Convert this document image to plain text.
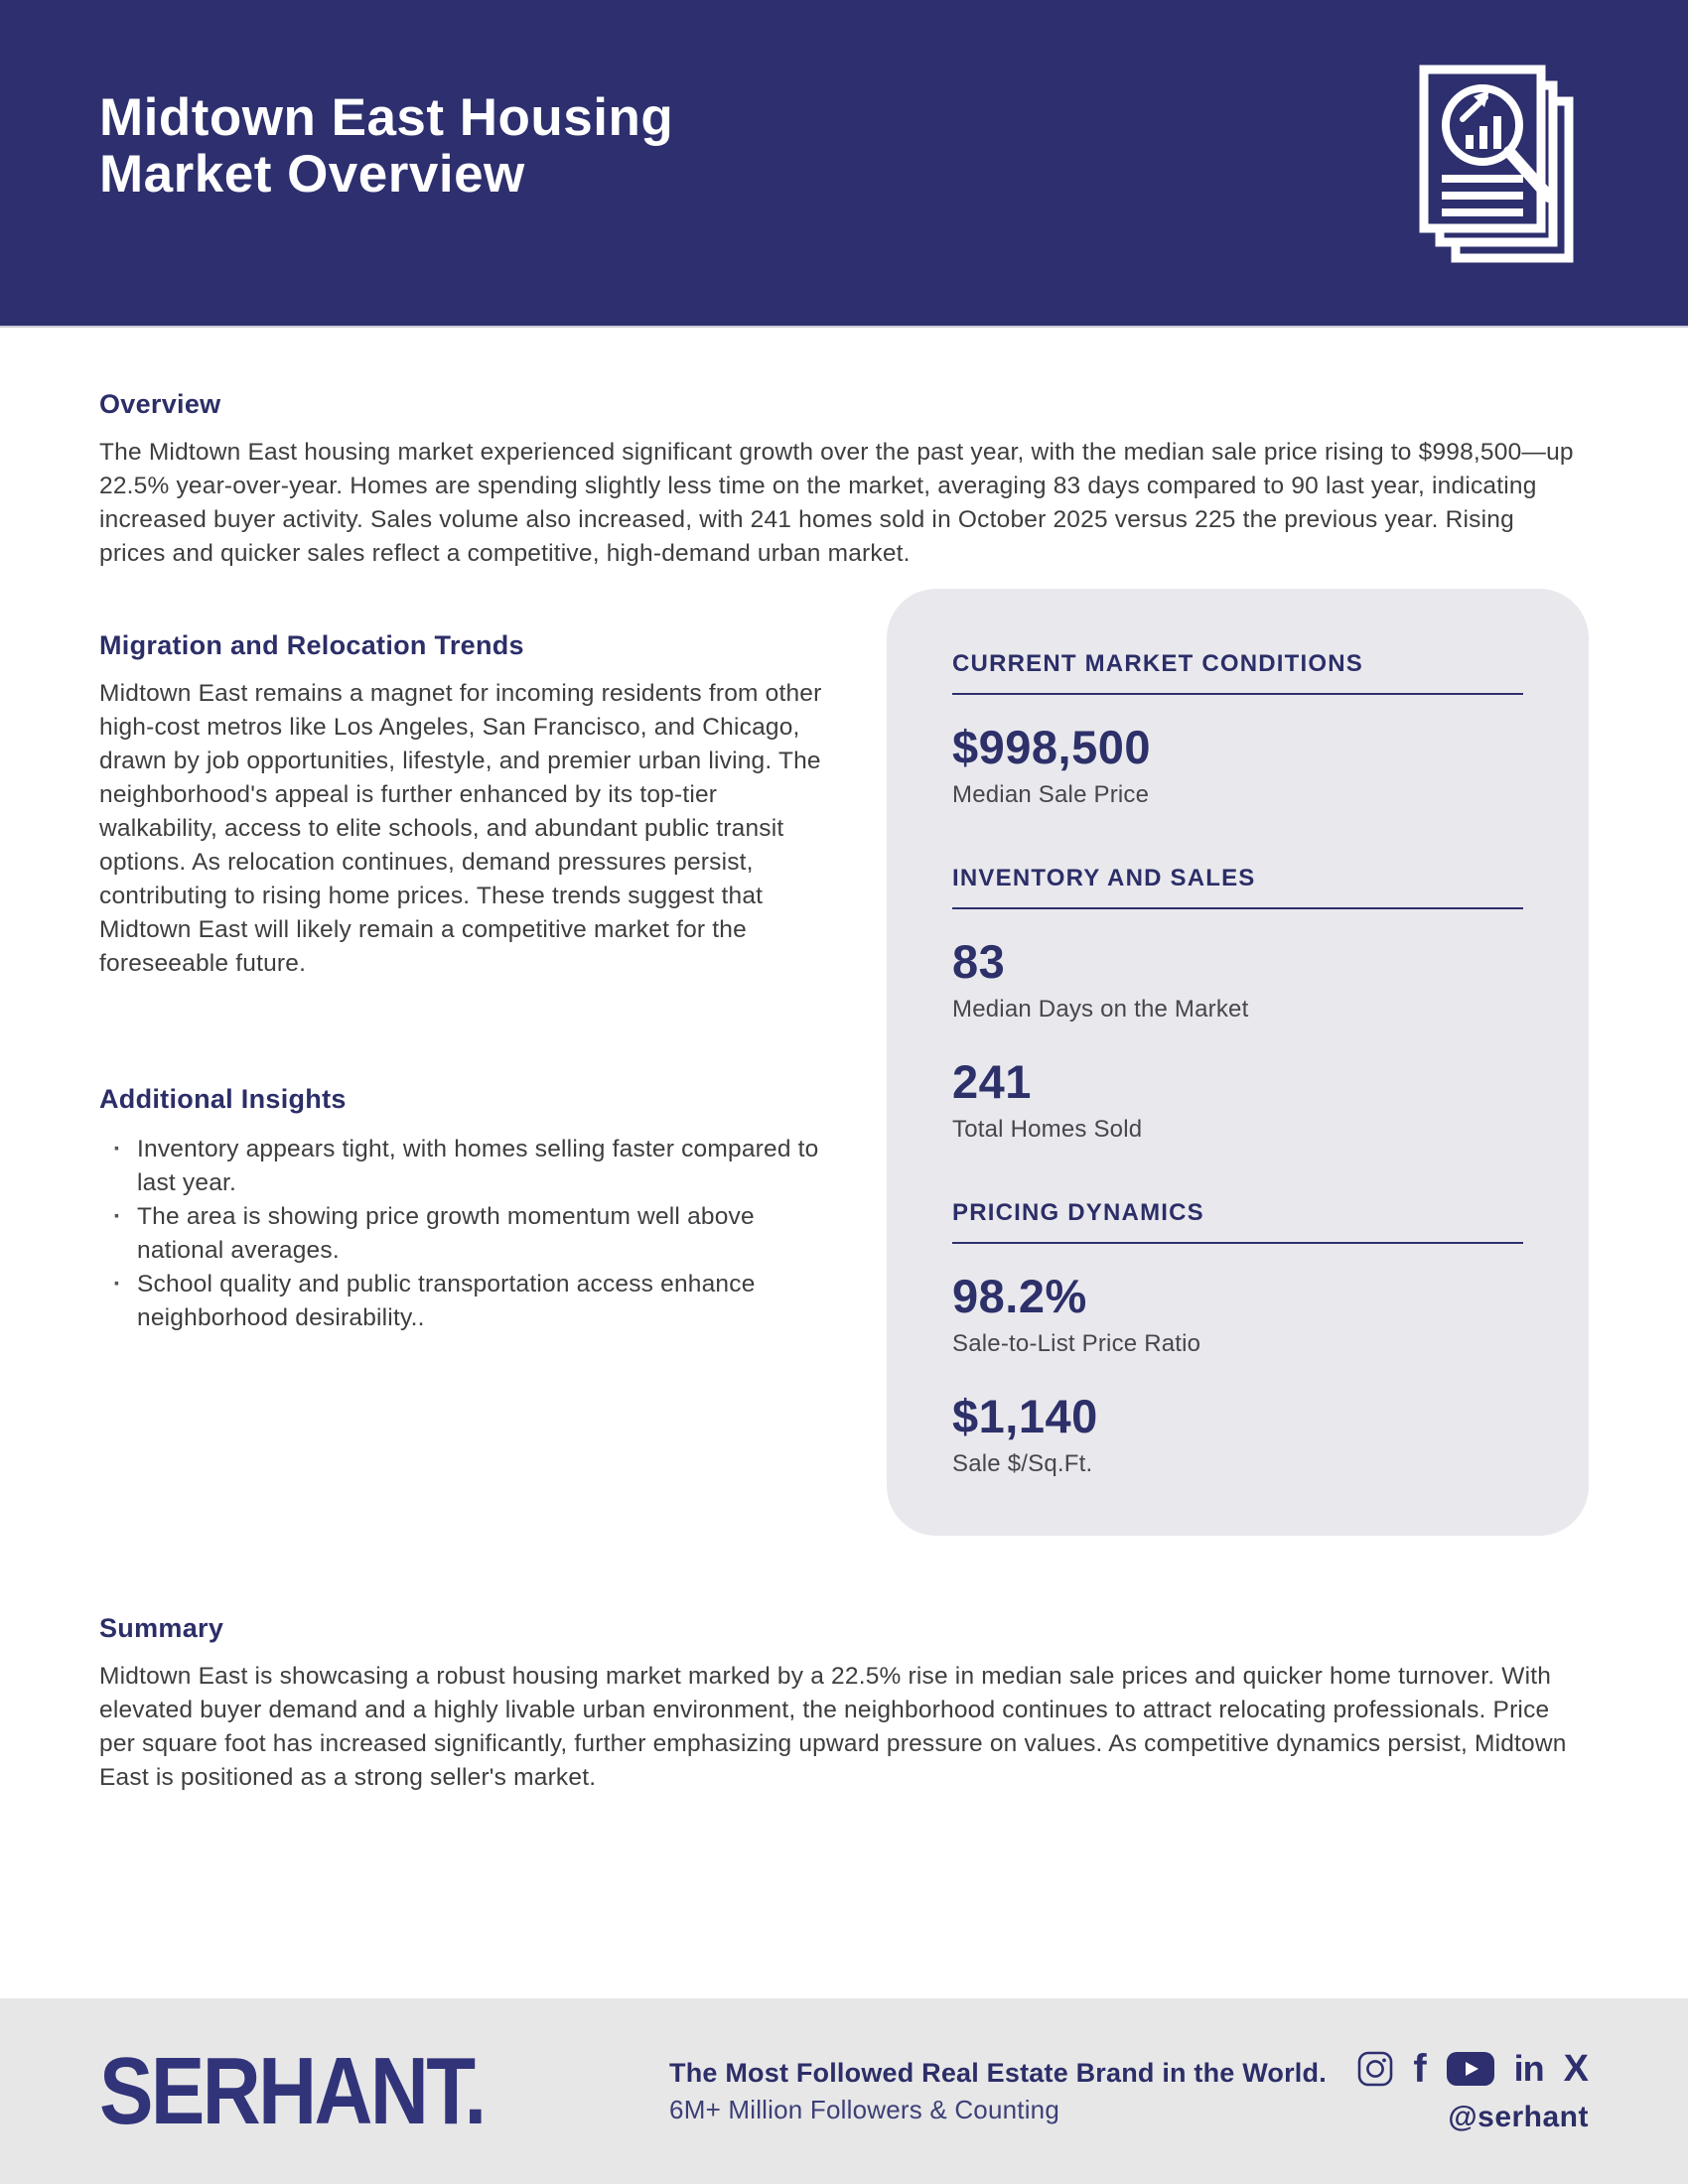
Midtown East Housing
Market Overview
Overview

The Midtown East housing market experienced significant growth over the past year, with the median sale price rising to $998,500—up 22.5% year-over-year. Homes are spending slightly less time on the market, averaging 83 days compared to 90 last year, indicating increased buyer activity. Sales volume also increased, with 241 homes sold in October 2025 versus 225 the previous year. Rising prices and quicker sales reflect a competitive, high-demand urban market.

Migration and Relocation Trends

Midtown East remains a magnet for incoming residents from other high-cost metros like Los Angeles, San Francisco, and Chicago, drawn by job opportunities, lifestyle, and premier urban living. The neighborhood's appeal is further enhanced by its top-tier walkability, access to elite schools, and abundant public transit options. As relocation continues, demand pressures persist, contributing to rising home prices. These trends suggest that Midtown East will likely remain a competitive market for the foreseeable future.

Additional Insights
· Inventory appears tight, with homes selling faster compared to last year.
· The area is showing price growth momentum well above national averages.
· School quality and public transportation access enhance neighborhood desirability..
CURRENT MARKET CONDITIONS
$998,500
Median Sale Price
INVENTORY AND SALES
83
Median Days on the Market
241
Total Homes Sold
PRICING DYNAMICS
98.2%
Sale-to-List Price Ratio
$1,140
Sale $/Sq.Ft.
Summary

Midtown East is showcasing a robust housing market marked by a 22.5% rise in median sale prices and quicker home turnover. With elevated buyer demand and a highly livable urban environment, the neighborhood continues to attract relocating professionals. Price per square foot has increased significantly, further emphasizing upward pressure on values. As competitive dynamics persist, Midtown East is positioned as a strong seller's market.

SERHANT.	The Most Followed Real Estate Brand in the World.
6M+ Million Followers & Counting
f in X
@serhant
